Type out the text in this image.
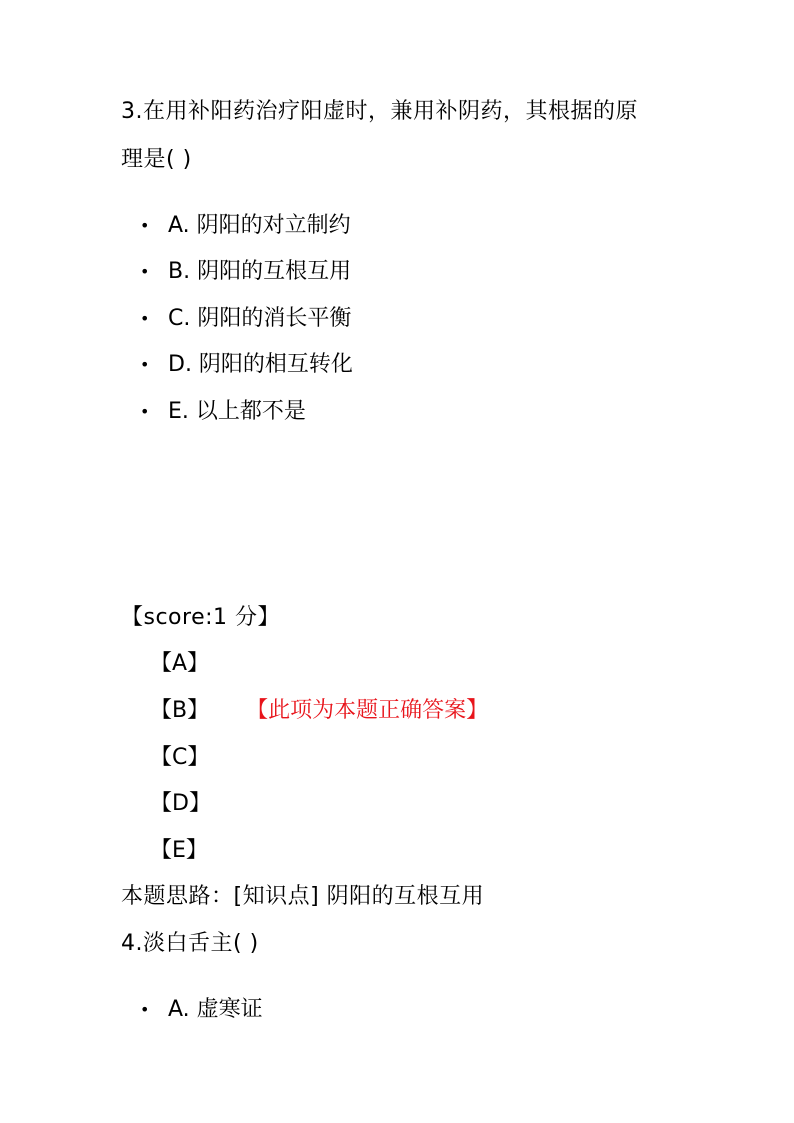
3.在用补阳药治疗阳虚时，兼用补阴药，其根据的原
理是( )
• A. 阴阳的对立制约
• B. 阴阳的互根互用
• C. 阴阳的消长平衡
• D. 阴阳的相互转化
• E. 以上都不是
【score:1 分】
【A】
【B】 【此项为本题正确答案】
【C】
【D】
【E】
本题思路：[知识点] 阴阳的互根互用
4.淡白舌主( )
• A. 虚寒证
